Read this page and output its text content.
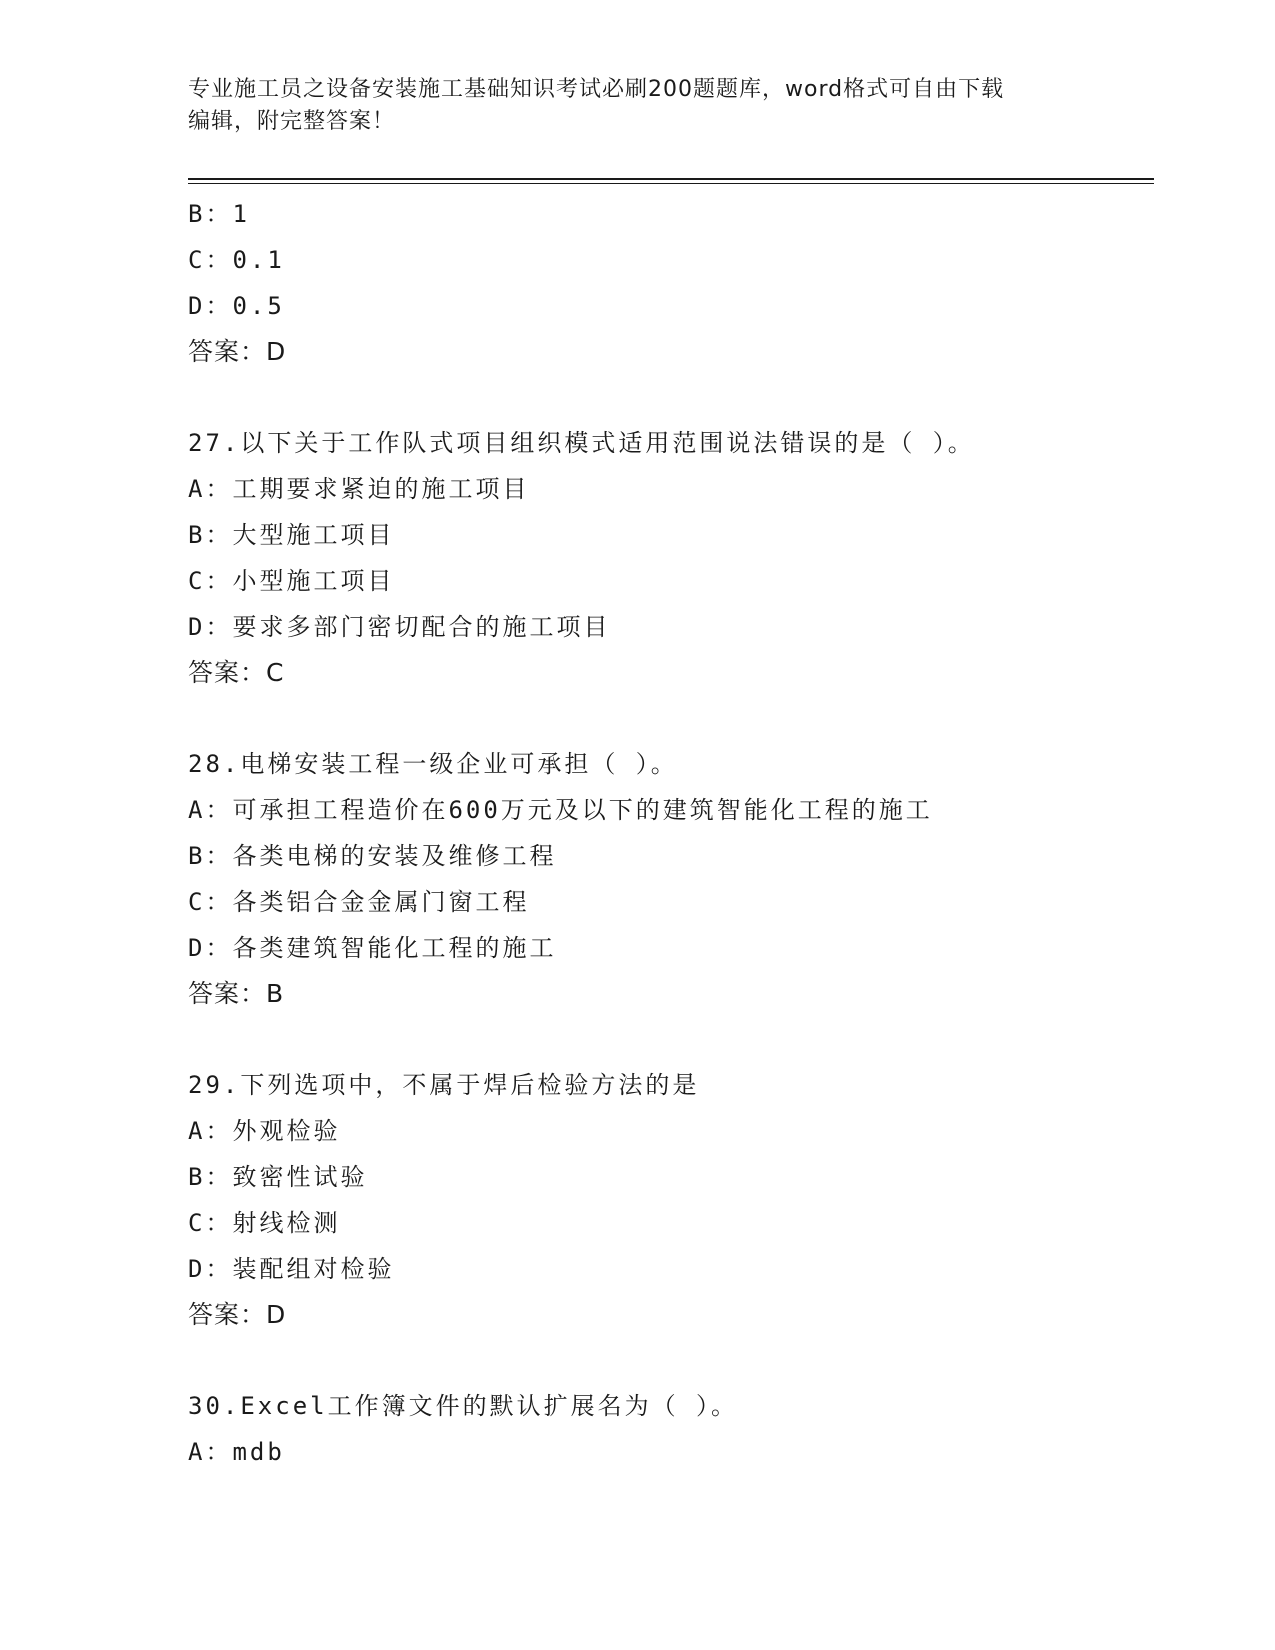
专业施工员之设备安装施工基础知识考试必刷200题题库，word格式可自由下载
编辑，附完整答案！
B：1
C：0.1
D：0.5
答案：D
27.以下关于工作队式项目组织模式适用范围说法错误的是（ ）。
A：工期要求紧迫的施工项目
B：大型施工项目
C：小型施工项目
D：要求多部门密切配合的施工项目
答案：C
28.电梯安装工程一级企业可承担（ ）。
A：可承担工程造价在600万元及以下的建筑智能化工程的施工
B：各类电梯的安装及维修工程
C：各类铝合金金属门窗工程
D：各类建筑智能化工程的施工
答案：B
29.下列选项中，不属于焊后检验方法的是
A：外观检验
B：致密性试验
C：射线检测
D：装配组对检验
答案：D
30.Excel工作簿文件的默认扩展名为（ ）。
A：mdb
